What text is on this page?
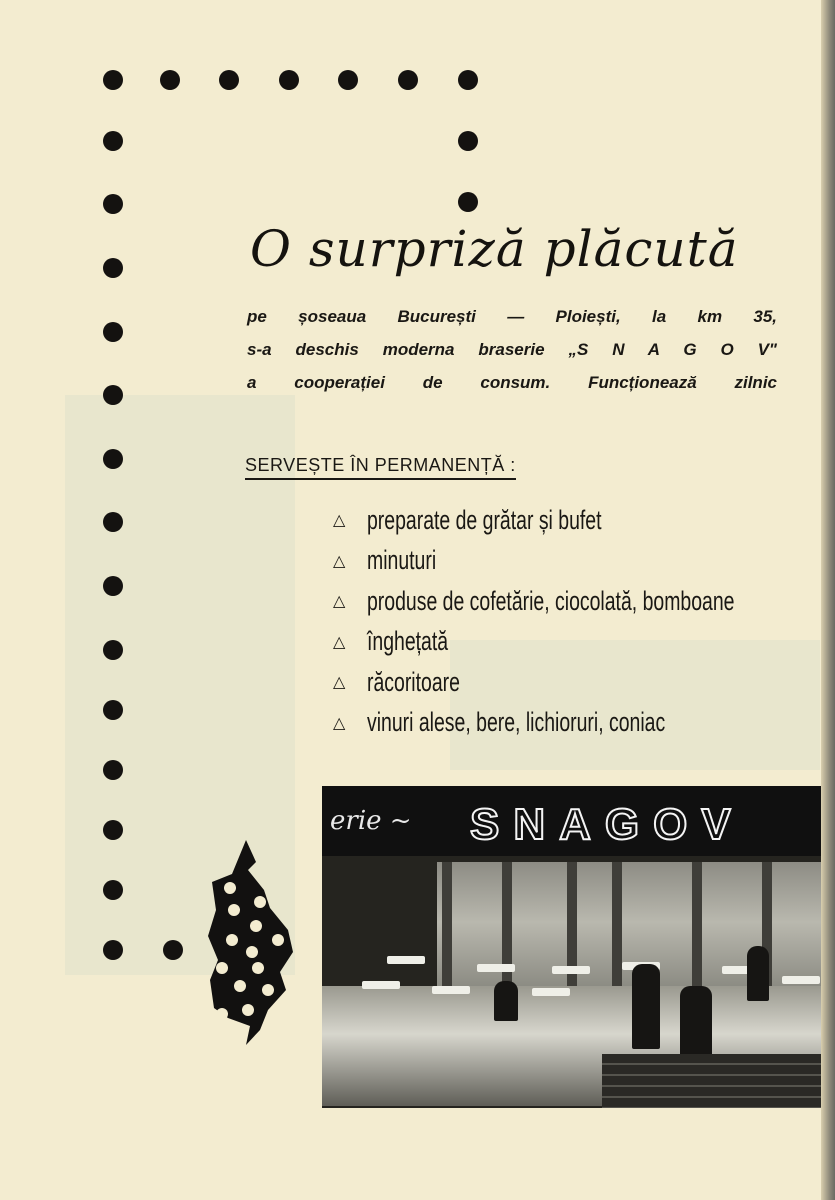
O surpriză plăcută
pe șoseaua București — Ploiești, la km 35,
s-a deschis moderna braserie „S N A G O V"
a cooperației de consum. Funcționează zilnic
SERVEȘTE ÎN PERMANENȚĂ :
△ preparate de grătar și bufet
△ minuturi
△ produse de cofetărie, ciocolată, bomboane
△ înghețată
△ răcoritoare
△ vinuri alese, bere, lichioruri, coniac
erie ~ SNAGOV
